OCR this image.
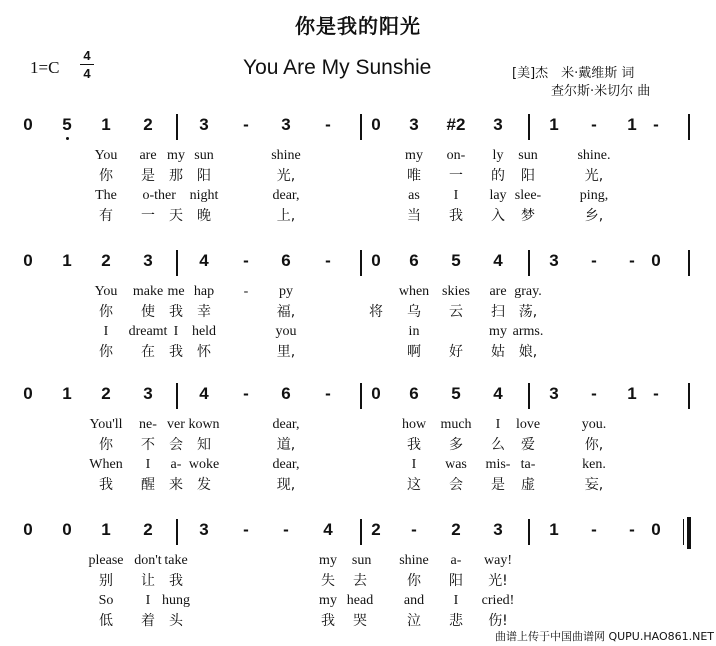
你是我的阳光
1=C
4
4	You Are My Sunshie	[美]杰　米·戴维斯 词
查尔斯·米切尔 曲
0 5 1 2	3 - 3 - 0 3 #2 3	1 - 1 -
You are my sun	shine	my on- ly sun	shine.
你 是 那 阳	光,	唯 一 的 阳	光,
The o-ther night	dear,	as I lay slee-	ping,
有 一 天 晚	上,	当 我 入 梦	乡,
0 1 2 3	4 - 6 - 0 6 5 4	3 - - 0
You make me hap - py	when skies are gray.
你 使 我 幸	福,	将 乌 云 扫 荡,
I dreamt I held	you	in	my arms.
你 在 我 怀	里,	啊 好 姑 娘,
0 1 2 3	4 - 6 - 0 6 5 4	3 - 1 -
You'll ne- ver kown	dear,	how much I love	you.
你 不 会 知	道,	我 多 么 爱	你,
When I a- woke	dear,	I was mis- ta-	ken.
我 醒 来 发	现,	这 会 是 虚	妄,
0 0 1 2	3 - - 4 2 - 2 3	1 - - 0
please don't take	my sun shine a- way!
别 让 我	失 去	你 阳 光!
So I hung	my head and I cried!
低 着 头	我 哭	泣 悲 伤!
曲谱上传于中国曲谱网 QUPU.HAO861.NET
